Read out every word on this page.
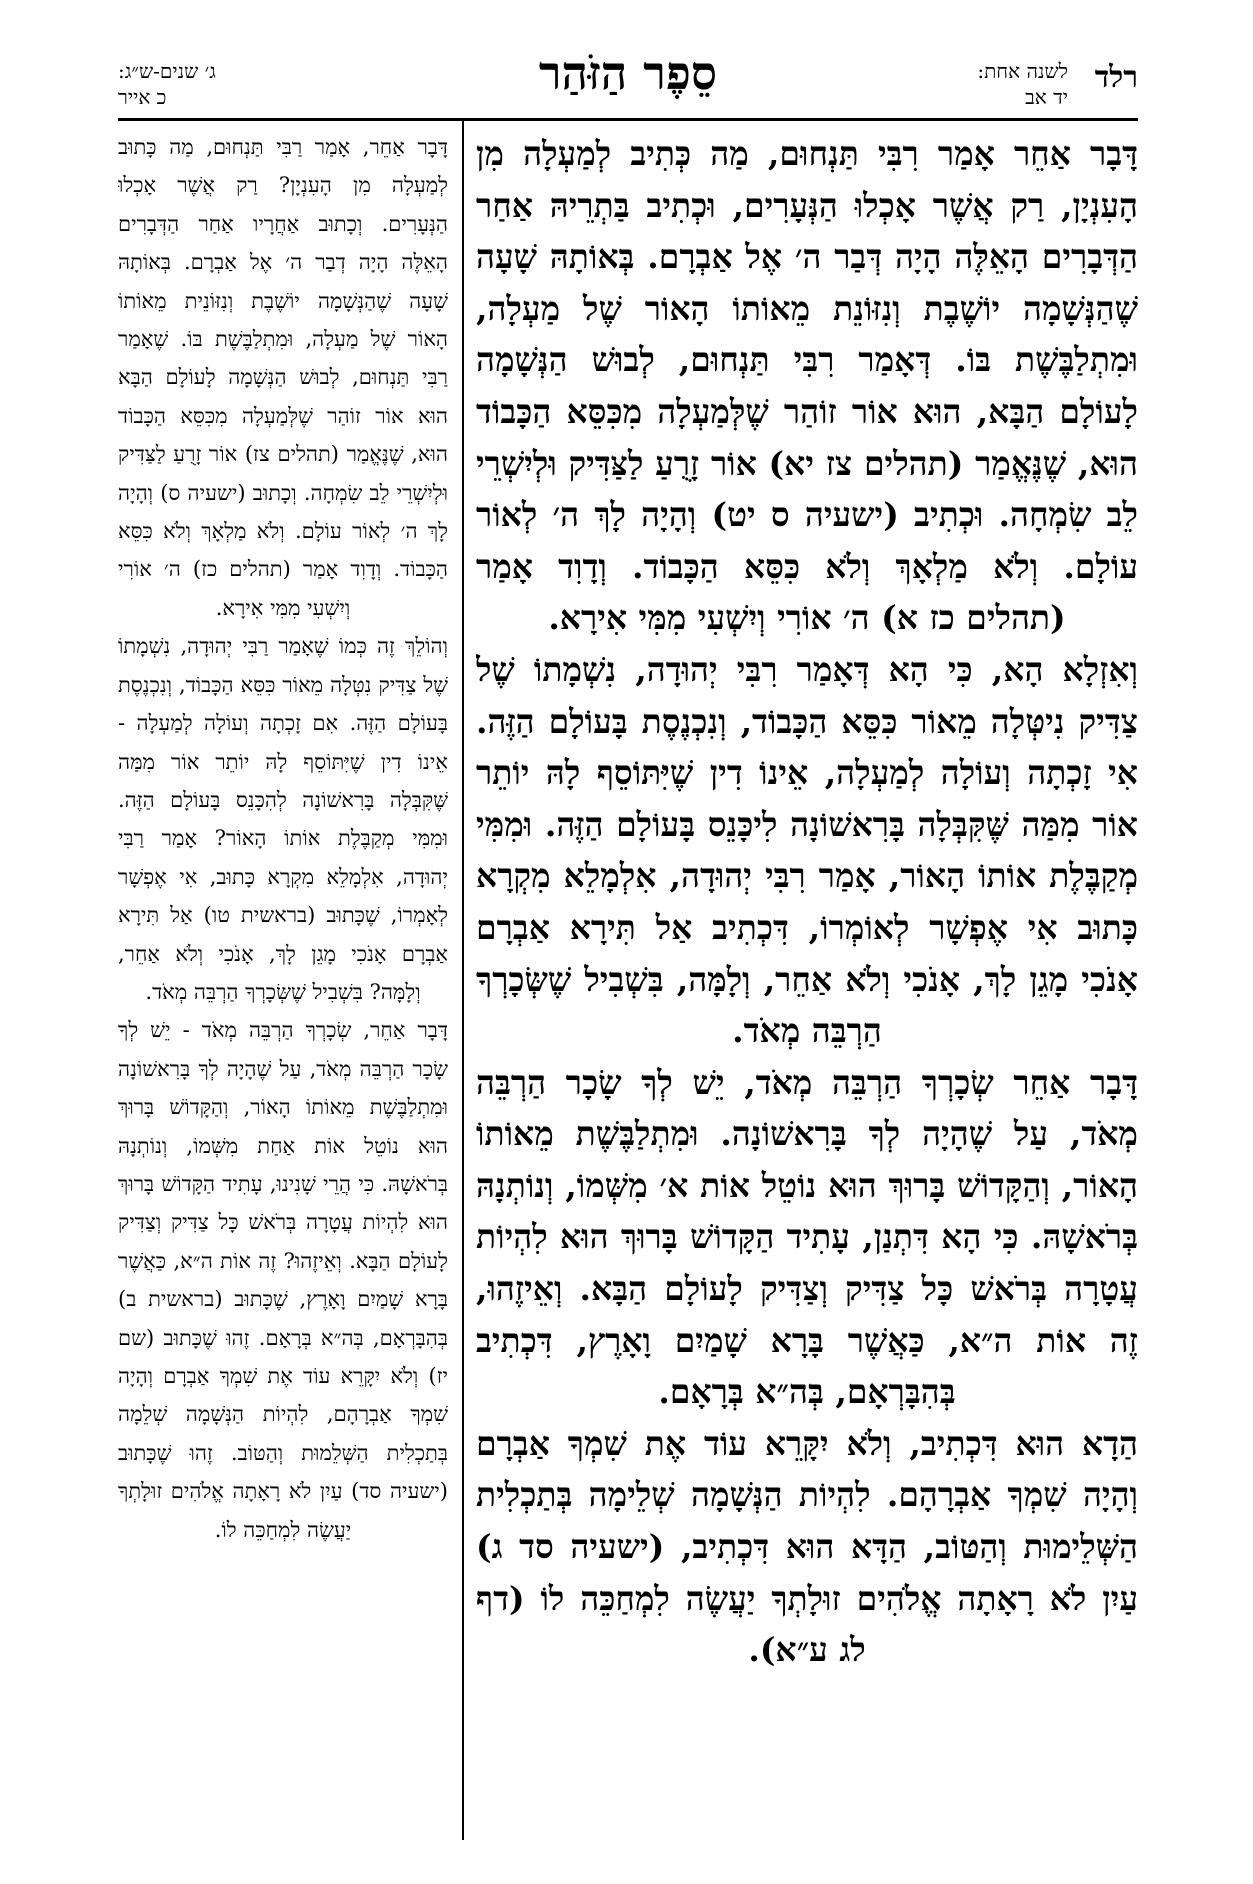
רלד
לשנה אחת:
יד אב
סֵפֶר הַזֹּהַר
ג׳ שנים-ש״ג:
כ אייר

דָּבָר אַחֵר אָמַר רִבִּי תַּנְחוּם, מַה כְּתִיב לְמַעְלָה מִן הָעִנְיָן, רַק אֲשֶׁר אָכְלוּ הַנְּעָרִים, וּכְתִיב בַּתְרֵיהּ אַחַר הַדְּבָרִים הָאֵלֶּה הָיָה דְּבַר ה׳ אֶל אַבְרָם. בְּאוֹתָהּ שָׁעָה שֶׁהַנְּשָׁמָה יוֹשֶׁבֶת וְנִזּוֹנֵת מֵאוֹתוֹ הָאוֹר שֶׁל מַעְלָה, וּמִתְלַבֶּשֶׁת בּוֹ. דְּאָמַר רִבִּי תַּנְחוּם, לְבוּשׁ הַנְּשָׁמָה לָעוֹלָם הַבָּא, הוּא אוֹר זוֹהַר שֶׁלְּמַעְלָה מִכִּסֵּא הַכָּבוֹד הוּא, שֶׁנֶּאֱמַר (תהלים צז יא) אוֹר זָרֻעַ לַצַּדִּיק וּלְיִשְׁרֵי לֵב שִׂמְחָה. וּכְתִיב (ישעיה ס יט) וְהָיָה לָךְ ה׳ לְאוֹר עוֹלָם. וְלֹא מַלְאָךְ וְלֹא כִּסֵּא הַכָּבוֹד. וְדָוִד אָמַר (תהלים כז א) ה׳ אוֹרִי וְיִשְׁעִי מִמִּי אִירָא.

וְאִזְלָא הָא, כִּי הָא דְּאָמַר רִבִּי יְהוּדָה, נִשְׁמָתוֹ שֶׁל צַדִּיק נִיטְּלָה מֵאוֹר כִּסֵּא הַכָּבוֹד, וְנִכְנֶסֶת בָּעוֹלָם הַזֶּה. אִי זָכְתָה וְעוֹלָה לְמַעְלָה, אֵינוֹ דִין שֶׁיִּתּוֹסֵף לָהּ יוֹתֵר אוֹר מִמַּה שֶּׁקִּבְּלָה בָּרִאשׁוֹנָה לִיכָּנֵס בָּעוֹלָם הַזֶּה. וּמִמִּי מְקַבֶּלֶת אוֹתוֹ הָאוֹר, אָמַר רִבִּי יְהוּדָה, אִלְמָלֵא מִקְרָא כָּתוּב אִי אֶפְשָׁר לְאוֹמְרוֹ, דִּכְתִיב אַל תִּירָא אַבְרָם אָנֹכִי מָגֵן לָךְ, אָנֹכִי וְלֹא אַחֵר, וְלָמָּה, בִּשְׁבִיל שֶׁשְּׂכָרְךָ הַרְבֵּה מְאֹד.

דָּבָר אַחֵר שְׂכָרְךָ הַרְבֵּה מְאֹד, יֵשׁ לְךָ שָׂכָר הַרְבֵּה מְאֹד, עַל שֶׁהָיָה לְךָ בָּרִאשׁוֹנָה. וּמִתְלַבֶּשֶׁת מֵאוֹתוֹ הָאוֹר, וְהַקָּדוֹשׁ בָּרוּךְ הוּא נוֹטֵל אוֹת א׳ מִשְּׁמוֹ, וְנוֹתְנָהּ בְּרֹאשָׁהּ. כִּי הָא דִּתְנַן, עָתִיד הַקָּדוֹשׁ בָּרוּךְ הוּא לִהְיוֹת עֲטָרָה בְּרֹאשׁ כָּל צַדִּיק וְצַדִּיק לָעוֹלָם הַבָּא. וְאֵיזֶהוּ, זֶה אוֹת ה״א, כַּאֲשֶׁר בָּרָא שָׁמַיִם וָאָרֶץ, דִּכְתִיב בְּהִבָּרְאָם, בְּה״א בְּרָאָם.

הַדָא הוּא דִּכְתִיב, וְלֹא יִקָּרֵא עוֹד אֶת שִׁמְךָ אַבְרָם וְהָיָה שִׁמְךָ אַבְרָהָם. לִהְיוֹת הַנְּשָׁמָה שְׁלֵימָה בְּתַכְלִית הַשְּׁלֵימוּת וְהַטּוֹב, הַדָּא הוּא דִּכְתִיב, (ישעיה סד ג) עַיִן לֹא רָאָתָה אֱלֹהִים זוּלָתְךָ יַעֲשֶׂה לִמְחַכֵּה לוֹ (דף לג ע״א).

דָּבָר אַחֵר, אָמַר רַבִּי תַּנְחוּם, מַה כָּתוּב לְמַעְלָה מִן הָעִנְיָן? רַק אֲשֶׁר אָכְלוּ הַנְּעָרִים. וְכָתוּב אַחֲרָיו אַחַר הַדְּבָרִים הָאֵלֶּה הָיָה דְבַר ה׳ אֶל אַבְרָם. בְּאוֹתָהּ שָׁעָה שֶׁהַנְּשָׁמָה יוֹשֶׁבֶת וְנִזּוֹנֵית מֵאוֹתוֹ הָאוֹר שֶׁל מַעְלָה, וּמִתְלַבֶּשֶׁת בּוֹ. שֶׁאָמַר רַבִּי תַּנְחוּם, לְבוּשׁ הַנְּשָׁמָה לָעוֹלָם הַבָּא הוּא אוֹר זוֹהַר שֶׁלְּמַעְלָה מִכִּסֵּא הַכָּבוֹד הוּא, שֶׁנֶּאֱמַר (תהלים צז) אוֹר זָרֻעַ לַצַּדִּיק וּלְיִשְׁרֵי לֵב שִׂמְחָה. וְכָתוּב (ישעיה ס) וְהָיָה לָךְ ה׳ לְאוֹר עוֹלָם. וְלֹא מַלְאָךְ וְלֹא כִּסֵּא הַכָּבוֹד. וְדָוִד אָמַר (תהלים כז) ה׳ אוֹרִי וְיִשְׁעִי מִמִּי אִירָא.

וְהוֹלֵךְ זֶה כְּמוֹ שֶׁאָמַר רַבִּי יְהוּדָה, נִשְׁמָתוֹ שֶׁל צַדִּיק נִטְּלָה מֵאוֹר כִּסֵּא הַכָּבוֹד, וְנִכְנֶסֶת בָּעוֹלָם הַזֶּה. אִם זָכְתָה וְעוֹלָה לְמַעְלָה - אֵינוֹ דִין שֶׁיִּתּוֹסֵף לָהּ יוֹתֵר אוֹר מִמַּה שֶּׁקִּבְּלָה בָּרִאשׁוֹנָה לְהִכָּנֵס בָּעוֹלָם הַזֶּה. וּמִמִּי מְקַבֶּלֶת אוֹתוֹ הָאוֹר? אָמַר רַבִּי יְהוּדָה, אִלְמָלֵא מִקְרָא כָּתוּב, אִי אֶפְשָׁר לְאָמְרוֹ, שֶׁכָּתוּב (בראשית טו) אַל תִּירָא אַבְרָם אָנֹכִי מָגֵן לָךְ, אָנֹכִי וְלֹא אַחֵר, וְלָמָּה? בִּשְׁבִיל שֶׁשְּׂכָרְךָ הַרְבֵּה מְאֹד.

דָּבָר אַחֵר, שְׂכָרְךָ הַרְבֵּה מְאֹד - יֵשׁ לְךָ שָׂכָר הַרְבֵּה מְאֹד, עַל שֶׁהָיָה לְךָ בָּרִאשׁוֹנָה וּמִתְלַבֶּשֶׁת מֵאוֹתוֹ הָאוֹר, וְהַקָּדוֹשׁ בָּרוּךְ הוּא נוֹטֵל אוֹת אַחַת מִשְּׁמוֹ, וְנוֹתְנָהּ בְּרֹאשָׁהּ. כִּי הֲרֵי שָׁנִינוּ, עָתִיד הַקָּדוֹשׁ בָּרוּךְ הוּא לִהְיוֹת עֲטָרָה בְּרֹאשׁ כָּל צַדִּיק וְצַדִּיק לָעוֹלָם הַבָּא. וְאֵיזֶהוּ? זֶה אוֹת ה״א, כַּאֲשֶׁר בָּרָא שָׁמַיִם וָאָרֶץ, שֶׁכָּתוּב (בראשית ב) בְּהִבָּרְאָם, בְּה״א בְּרָאָם. זֶהוּ שֶׁכָּתוּב (שם יז) וְלֹא יִקָּרֵא עוֹד אֶת שִׁמְךָ אַבְרָם וְהָיָה שִׁמְךָ אַבְרָהָם, לִהְיוֹת הַנְּשָׁמָה שְׁלֵמָה בְּתַכְלִית הַשְּׁלֵמוּת וְהַטּוֹב. זֶהוּ שֶׁכָּתוּב (ישעיה סד) עַיִן לֹא רָאָתָה אֱלֹהִים זוּלָתְךָ יַעֲשֶׂה לִמְחַכֵּה לוֹ.
